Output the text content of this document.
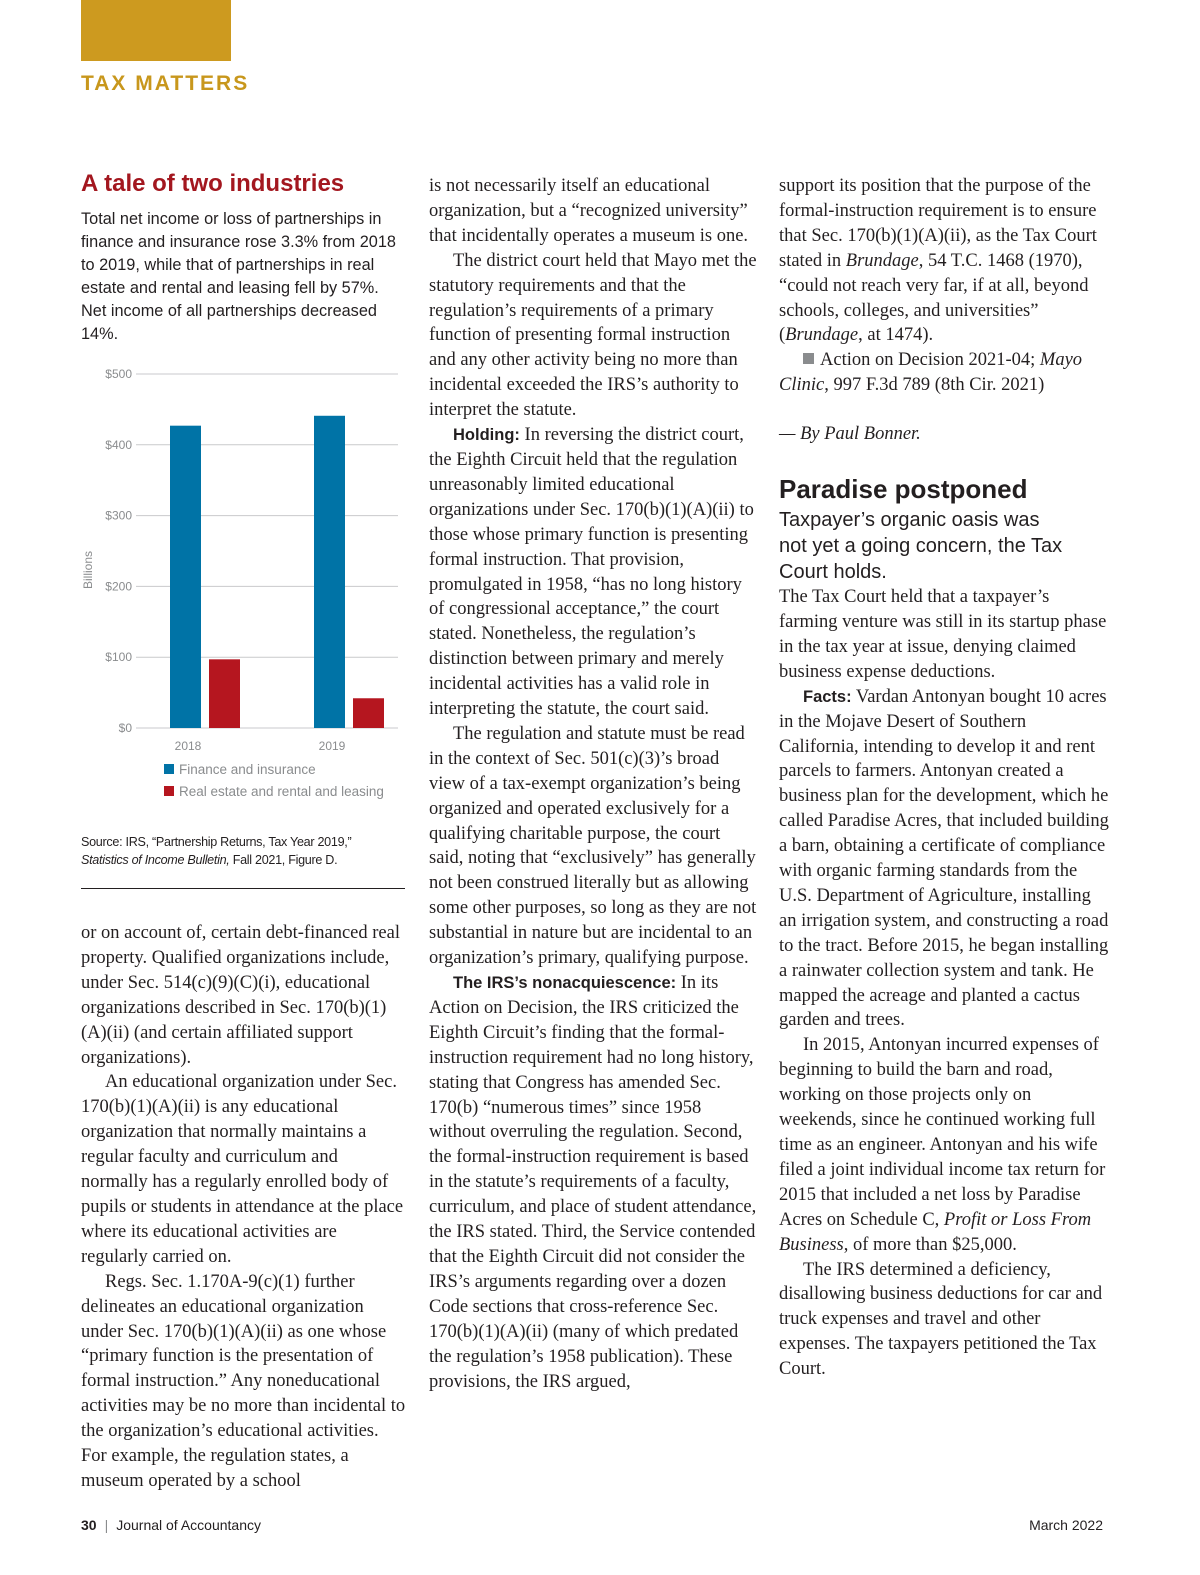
TAX MATTERS
A tale of two industries

Total net income or loss of partnerships in finance and insurance rose 3.3% from 2018 to 2019, while that of partnerships in real estate and rental and leasing fell by 57%. Net income of all partnerships decreased 14%.

$0
$100
$200
$300
$400
$500
2018	2019
Finance and insurance
Real estate and rental and leasing
Billions

Source: IRS, “Partnership Returns, Tax Year 2019,”

Statistics of Income Bulletin, Fall 2021, Figure D.

or on account of, certain debt-financed real property. Qualified organizations include, under Sec. 514(c)(9)(C)(i), educational organizations described in Sec. 170(b)(1)(A)(ii) (and certain affiliated support organizations).

An educational organization under Sec. 170(b)(1)(A)(ii) is any educational organization that normally maintains a regular faculty and curriculum and normally has a regularly enrolled body of pupils or students in attendance at the place where its educational activities are regularly carried on.

Regs. Sec. 1.170A-9(c)(1) further delineates an educational organization under Sec. 170(b)(1)(A)(ii) as one whose “primary function is the presentation of formal instruction.” Any noneducational activities may be no more than incidental to the organization’s educational activities. For example, the regulation states, a museum operated by a school

is not necessarily itself an educational organization, but a “recognized university” that incidentally operates a museum is one.

The district court held that Mayo met the statutory requirements and that the regulation’s requirements of a primary function of presenting formal instruction and any other activity being no more than incidental exceeded the IRS’s authority to interpret the statute.

Holding: In reversing the district court, the Eighth Circuit held that the regulation unreasonably limited educational organizations under Sec. 170(b)(1)(A)(ii) to those whose primary function is presenting formal instruction. That provision, promulgated in 1958, “has no long history of congressional acceptance,” the court stated. Nonetheless, the regulation’s distinction between primary and merely incidental activities has a valid role in interpreting the statute, the court said.

The regulation and statute must be read in the context of Sec. 501(c)(3)’s broad view of a tax-exempt organization’s being organized and operated exclusively for a qualifying charitable purpose, the court said, noting that “exclusively” has generally not been construed literally but as allowing some other purposes, so long as they are not substantial in nature but are incidental to an organization’s primary, qualifying purpose.

The IRS’s nonacquiescence: In its Action on Decision, the IRS criticized the Eighth Circuit’s finding that the formal-instruction requirement had no long history, stating that Congress has amended Sec. 170(b) “numerous times” since 1958 without overruling the regulation. Second, the formal-instruction requirement is based in the statute’s requirements of a faculty, curriculum, and place of student attendance, the IRS stated. Third, the Service contended that the Eighth Circuit did not consider the IRS’s arguments regarding over a dozen Code sections that cross-reference Sec. 170(b)(1)(A)(ii) (many of which predated the regulation’s 1958 publication). These provisions, the IRS argued,

support its position that the purpose of the formal-instruction requirement is to ensure that Sec. 170(b)(1)(A)(ii), as the Tax Court stated in Brundage, 54 T.C. 1468 (1970), “could not reach very far, if at all, beyond schools, colleges, and universities” (Brundage, at 1474).

Action on Decision 2021-04; Mayo Clinic, 997 F.3d 789 (8th Cir. 2021)

— By Paul Bonner.

Paradise postponed

Taxpayer’s organic oasis was not yet a going concern, the Tax Court holds.

The Tax Court held that a taxpayer’s farming venture was still in its startup phase in the tax year at issue, denying claimed business expense deductions.

Facts: Vardan Antonyan bought 10 acres in the Mojave Desert of Southern California, intending to develop it and rent parcels to farmers. Antonyan created a business plan for the development, which he called Paradise Acres, that included building a barn, obtaining a certificate of compliance with organic farming standards from the U.S. Department of Agriculture, installing an irrigation system, and constructing a road to the tract. Before 2015, he began installing a rainwater collection system and tank. He mapped the acreage and planted a cactus garden and trees.

In 2015, Antonyan incurred expenses of beginning to build the barn and road, working on those projects only on weekends, since he continued working full time as an engineer. Antonyan and his wife filed a joint individual income tax return for 2015 that included a net loss by Paradise Acres on Schedule C, Profit or Loss From Business, of more than $25,000.

The IRS determined a deficiency, disallowing business deductions for car and truck expenses and travel and other expenses. The taxpayers petitioned the Tax Court.

30 | Journal of Accountancy	March 2022
